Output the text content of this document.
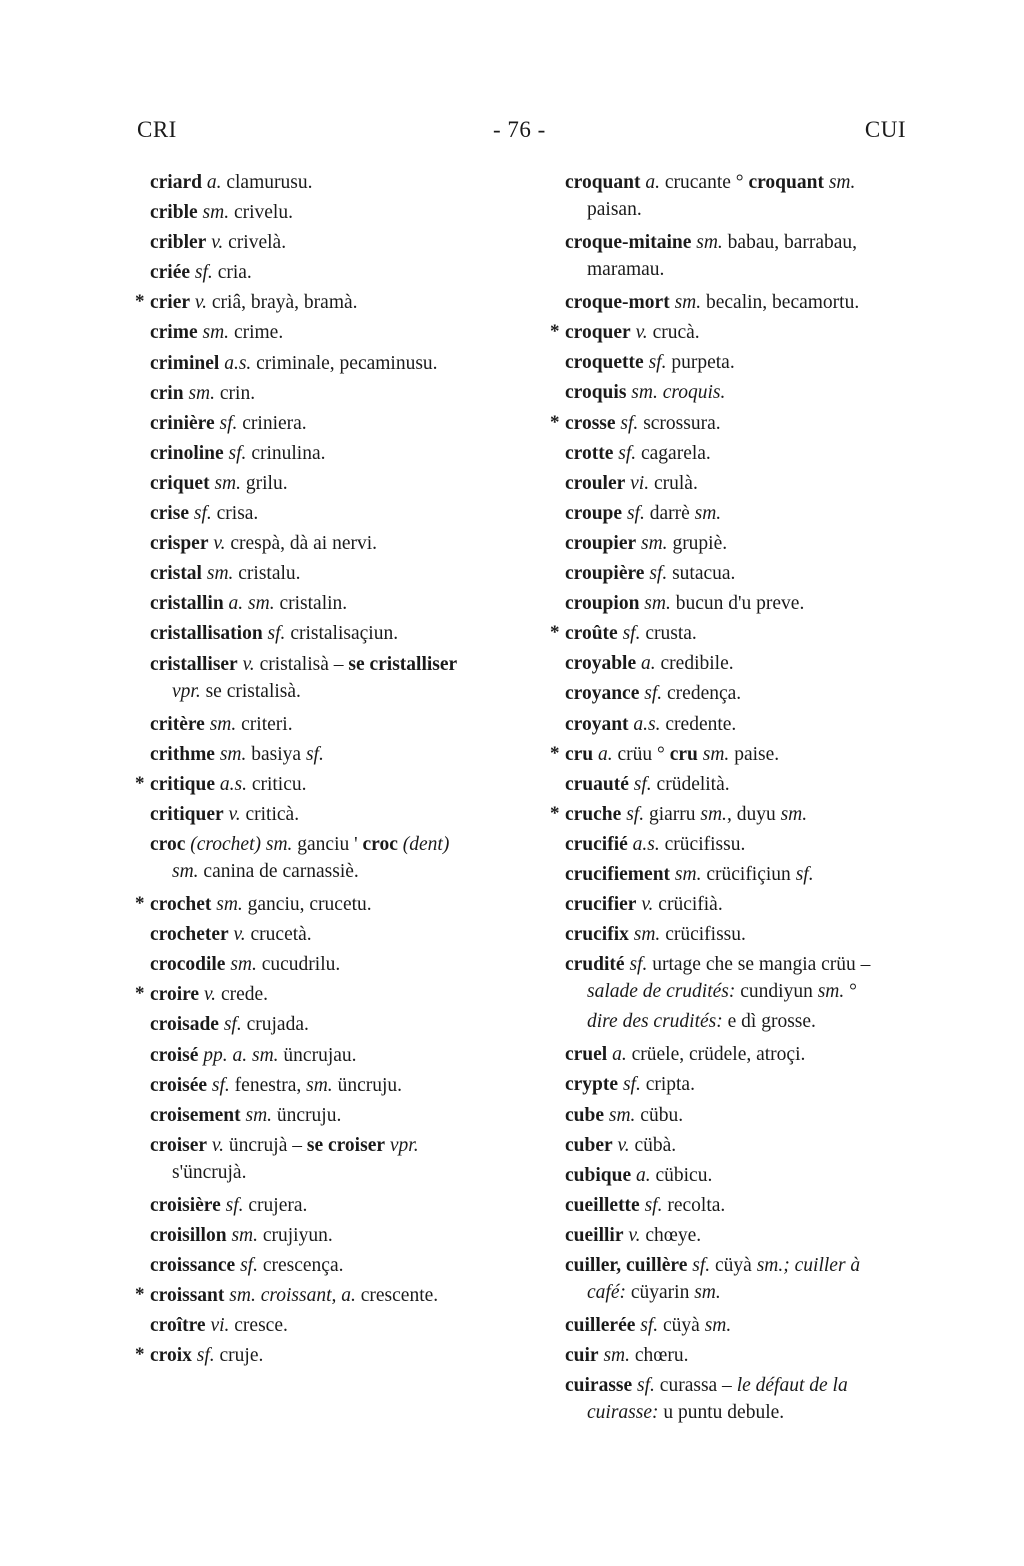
CRI	- 76 -	CUI
criard a. clamurusu.
crible sm. crivelu.
cribler v. crivelà.
criée sf. cria.
* crier v. criâ, brayà, bramà.
crime sm. crime.
criminel a.s. criminale, pecaminusu.
crin sm. crin.
crinière sf. criniera.
crinoline sf. crinulina.
criquet sm. grilu.
crise sf. crisa.
crisper v. crespà, dà ai nervi.
cristal sm. cristalu.
cristallin a. sm. cristalin.
cristallisation sf. cristalisaçiun.
cristalliser v. cristalisà – se cristalliser
vpr. se cristalisà.
critère sm. criteri.
crithme sm. basiya sf.
* critique a.s. criticu.
critiquer v. criticà.
croc (crochet) sm. ganciu ' croc (dent)
sm. canina de carnassiè.
* crochet sm. ganciu, crucetu.
crocheter v. crucetà.
crocodile sm. cucudrilu.
* croire v. crede.
croisade sf. crujada.
croisé pp. a. sm. üncrujau.
croisée sf. fenestra, sm. üncruju.
croisement sm. üncruju.
croiser v. üncrujà – se croiser vpr.
s'üncrujà.
croisière sf. crujera.
croisillon sm. crujiyun.
croissance sf. crescença.
* croissant sm. croissant, a. crescente.
croître vi. cresce.
* croix sf. cruje.
croquant a. crucante ° croquant sm.
paisan.
croque-mitaine sm. babau, barrabau,
maramau.
croque-mort sm. becalin, becamortu.
* croquer v. crucà.
croquette sf. purpeta.
croquis sm. croquis.
* crosse sf. scrossura.
crotte sf. cagarela.
crouler vi. crulà.
croupe sf. darrè sm.
croupier sm. grupiè.
croupière sf. sutacua.
croupion sm. bucun d'u preve.
* croûte sf. crusta.
croyable a. credibile.
croyance sf. credença.
croyant a.s. credente.
* cru a. crüu ° cru sm. paise.
cruauté sf. crüdelità.
* cruche sf. giarru sm., duyu sm.
crucifié a.s. crücifissu.
crucifiement sm. crücifiçiun sf.
crucifier v. crücifià.
crucifix sm. crücifissu.
crudité sf. urtage che se mangia crüu –
salade de crudités: cundiyun sm. °
dire des crudités: e dì grosse.
cruel a. crüele, crüdele, atroçi.
crypte sf. cripta.
cube sm. cübu.
cuber v. cübà.
cubique a. cübicu.
cueillette sf. recolta.
cueillir v. chœye.
cuiller, cuillère sf. cüyà sm.; cuiller à
café: cüyarin sm.
cuillerée sf. cüyà sm.
cuir sm. chœru.
cuirasse sf. curassa – le défaut de la
cuirasse: u puntu debule.
